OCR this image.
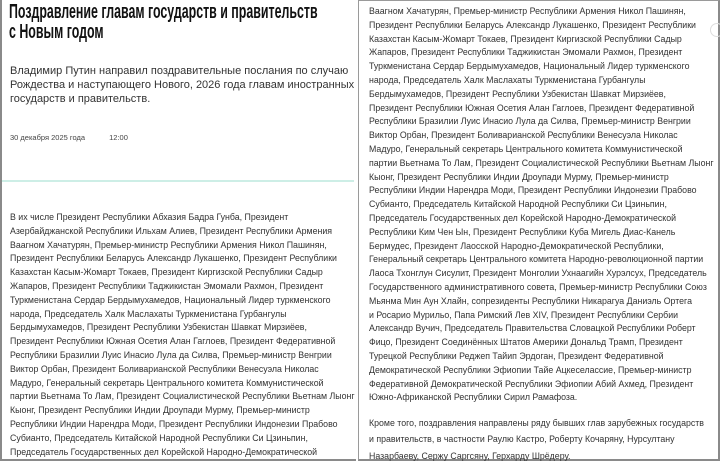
Поздравление главам государств и правительств
с Новым годом
Владимир Путин направил поздравительные послания по случаю
Рождества и наступающего Нового, 2026 года главам иностранных
государств и правительств.
30 декабря 2025 года	12:00
В их числе Президент Республики Абхазия Бадра Гунба, Президент
Азербайджанской Республики Ильхам Алиев, Президент Республики Армения
Ваагном Хачатурян, Премьер-министр Республики Армения Никол Пашинян,
Президент Республики Беларусь Александр Лукашенко, Президент Республики
Казахстан Касым-Жомарт Токаев, Президент Киргизской Республики Садыр
Жапаров, Президент Республики Таджикистан Эмомали Рахмон, Президент
Туркменистана Сердар Бердымухамедов, Национальный Лидер туркменского
народа, Председатель Халк Маслахаты Туркменистана Гурбангулы
Бердымухамедов, Президент Республики Узбекистан Шавкат Мирзиёев,
Президент Республики Южная Осетия Алан Гаглоев, Президент Федеративной
Республики Бразилии Луис Инасио Лула да Силва, Премьер-министр Венгрии
Виктор Орбан, Президент Боливарианской Республики Венесуэла Николас
Мадуро, Генеральный секретарь Центрального комитета Коммунистической
партии Вьетнама То Лам, Президент Социалистической Республики Вьетнам Лыонг
Кыонг, Президент Республики Индии Дроупади Мурму, Премьер-министр
Республики Индии Нарендра Моди, Президент Республики Индонезии Прабово
Субианто, Председатель Китайской Народной Республики Си Цзиньпин,
Председатель Государственных дел Корейской Народно-Демократической
Ваагном Хачатурян, Премьер-министр Республики Армения Никол Пашинян,
Президент Республики Беларусь Александр Лукашенко, Президент Республики
Казахстан Касым-Жомарт Токаев, Президент Киргизской Республики Садыр
Жапаров, Президент Республики Таджикистан Эмомали Рахмон, Президент
Туркменистана Сердар Бердымухамедов, Национальный Лидер туркменского
народа, Председатель Халк Маслахаты Туркменистана Гурбангулы
Бердымухамедов, Президент Республики Узбекистан Шавкат Мирзиёев,
Президент Республики Южная Осетия Алан Гаглоев, Президент Федеративной
Республики Бразилии Луис Инасио Лула да Силва, Премьер-министр Венгрии
Виктор Орбан, Президент Боливарианской Республики Венесуэла Николас
Мадуро, Генеральный секретарь Центрального комитета Коммунистической
партии Вьетнама То Лам, Президент Социалистической Республики Вьетнам Лыонг
Кыонг, Президент Республики Индии Дроупади Мурму, Премьер-министр
Республики Индии Нарендра Моди, Президент Республики Индонезии Прабово
Субианто, Председатель Китайской Народной Республики Си Цзиньпин,
Председатель Государственных дел Корейской Народно-Демократической
Республики Ким Чен Ын, Президент Республики Куба Мигель Диас-Канель
Бермудес, Президент Лаосской Народно-Демократической Республики,
Генеральный секретарь Центрального комитета Народно-революционной партии
Лаоса Тхонглун Сисулит, Президент Монголии Ухнаагийн Хурэлсух, Председатель
Государственного административного совета, Премьер-министр Республики Союз
Мьянма Мин Аун Хлайн, сопрезиденты Республики Никарагуа Даниэль Ортега
и Росарио Мурильо, Папа Римский Лев XIV, Президент Республики Сербии
Александр Вучич, Председатель Правительства Словацкой Республики Роберт
Фицо, Президент Соединённых Штатов Америки Дональд Трамп, Президент
Турецкой Республики Реджеп Тайип Эрдоган, Президент Федеративной
Демократической Республики Эфиопии Тайе Ацкеселассие, Премьер-министр
Федеративной Демократической Республики Эфиопии Абий Ахмед, Президент
Южно-Африканской Республики Сирил Рамафоза.
Кроме того, поздравления направлены ряду бывших глав зарубежных государств
и правительств, в частности Раулю Кастро, Роберту Кочаряну, Нурсултану
Назарбаеву, Сержу Саргсяну, Герхарду Шрёдеру.
